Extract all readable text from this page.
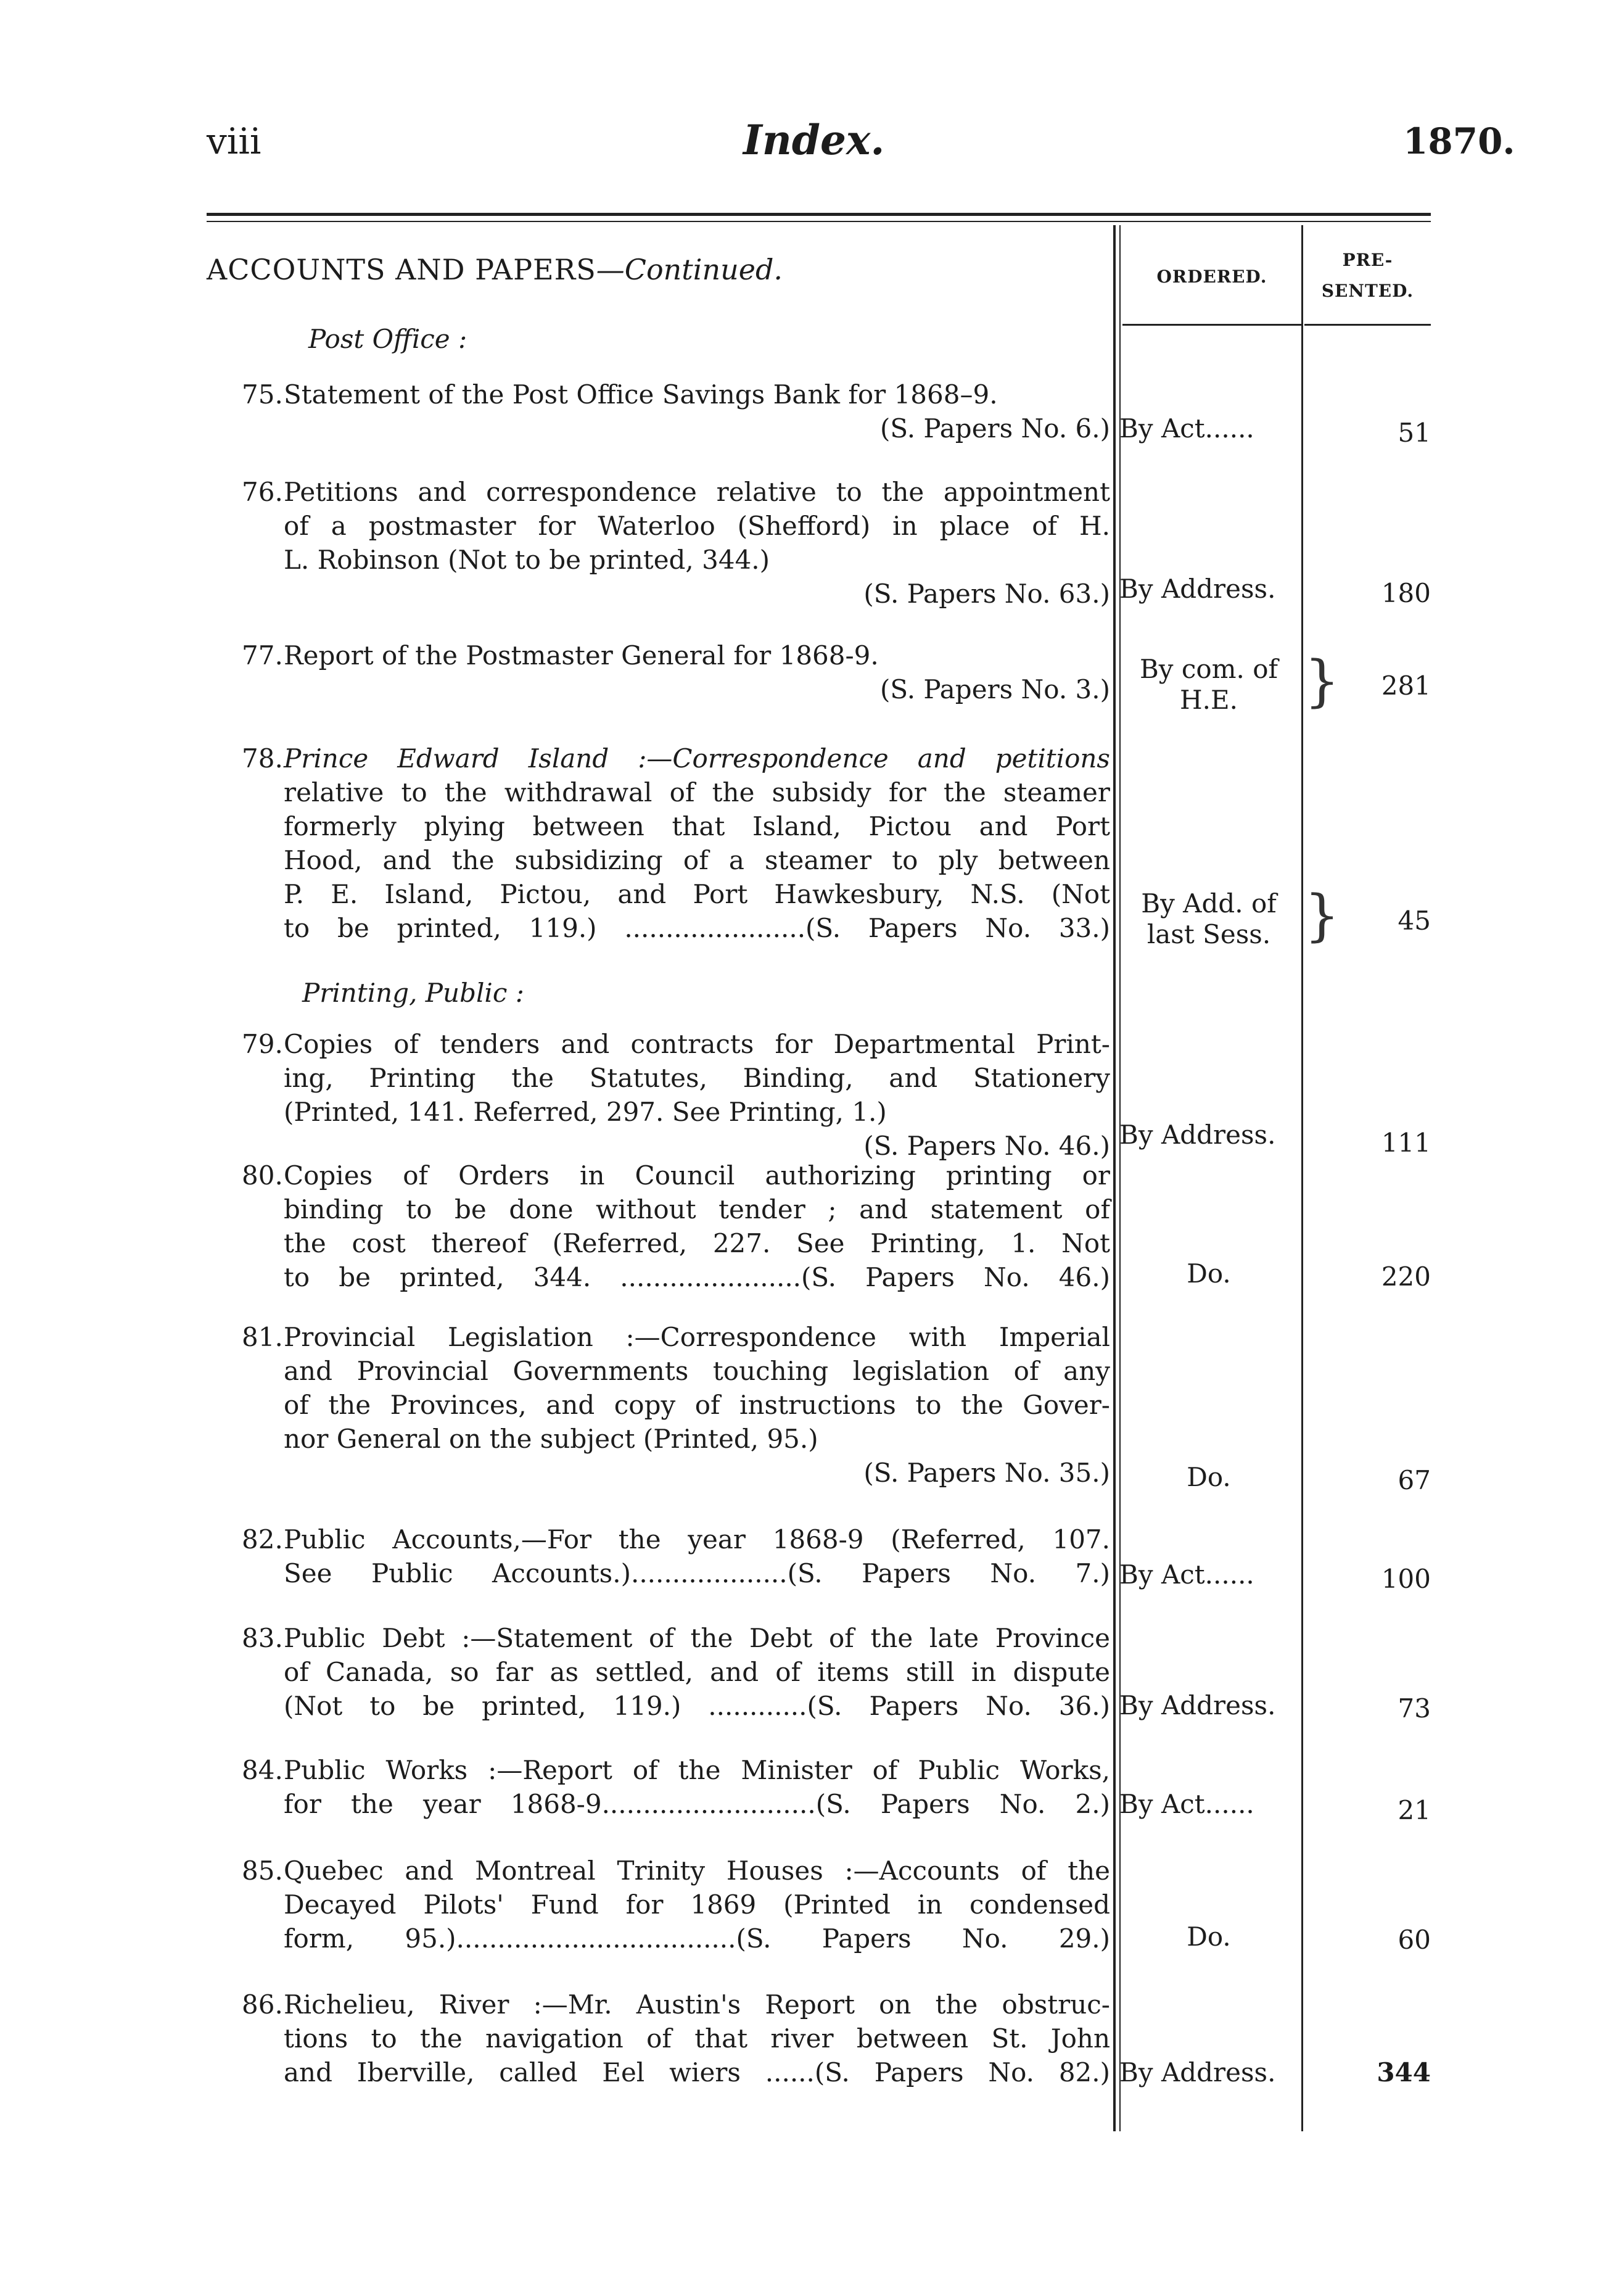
viii	Index.	1870.
ACCOUNTS AND PAPERS—Continued.	ORDERED.
PRE-
SENTED.
Post Office :
Printing, Public :
75. Statement of the Post Office Savings Bank for 1868–9.
(S. Papers No. 6.) By Act......	51
76. Petitions and correspondence relative to the appointment
of a postmaster for Waterloo (Shefford) in place of H.
L. Robinson (Not to be printed, 344.)
(S. Papers No. 63.) By Address.	180
77. Report of the Postmaster General for 1868-9.
(S. Papers No. 3.)
By com. of
H.E.	}	281
78. Prince Edward Island :—Correspondence and petitions
relative to the withdrawal of the subsidy for the steamer
formerly plying between that Island, Pictou and Port
Hood, and the subsidizing of a steamer to ply between
P. E. Island, Pictou, and Port Hawkesbury, N.S. (Not
to be printed, 119.) ......................(S. Papers No. 33.)
By Add. of
last Sess. }	45
79. Copies of tenders and contracts for Departmental Print-
ing, Printing the Statutes, Binding, and Stationery
(Printed, 141. Referred, 297. See Printing, 1.)
(S. Papers No. 46.) By Address.	111
80. Copies of Orders in Council authorizing printing or
binding to be done without tender ; and statement of
the cost thereof (Referred, 227. See Printing, 1. Not
to be printed, 344. ......................(S. Papers No. 46.)	Do.	220
81. Provincial Legislation :—Correspondence with Imperial
and Provincial Governments touching legislation of any
of the Provinces, and copy of instructions to the Gover-
nor General on the subject (Printed, 95.)
(S. Papers No. 35.)	Do.	67
82. Public Accounts,—For the year 1868-9 (Referred, 107.
See Public Accounts.)...................(S. Papers No. 7.) By Act......	100
83. Public Debt :—Statement of the Debt of the late Province
of Canada, so far as settled, and of items still in dispute
(Not to be printed, 119.) ............(S. Papers No. 36.) By Address.	73
84. Public Works :—Report of the Minister of Public Works,
for the year 1868-9..........................(S. Papers No. 2.) By Act......	21
85. Quebec and Montreal Trinity Houses :—Accounts of the
Decayed Pilots' Fund for 1869 (Printed in condensed
form, 95.)..................................(S. Papers No. 29.)	Do.	60
86. Richelieu, River :—Mr. Austin's Report on the obstruc-
tions to the navigation of that river between St. John
and Iberville, called Eel wiers ......(S. Papers No. 82.) By Address.	344
